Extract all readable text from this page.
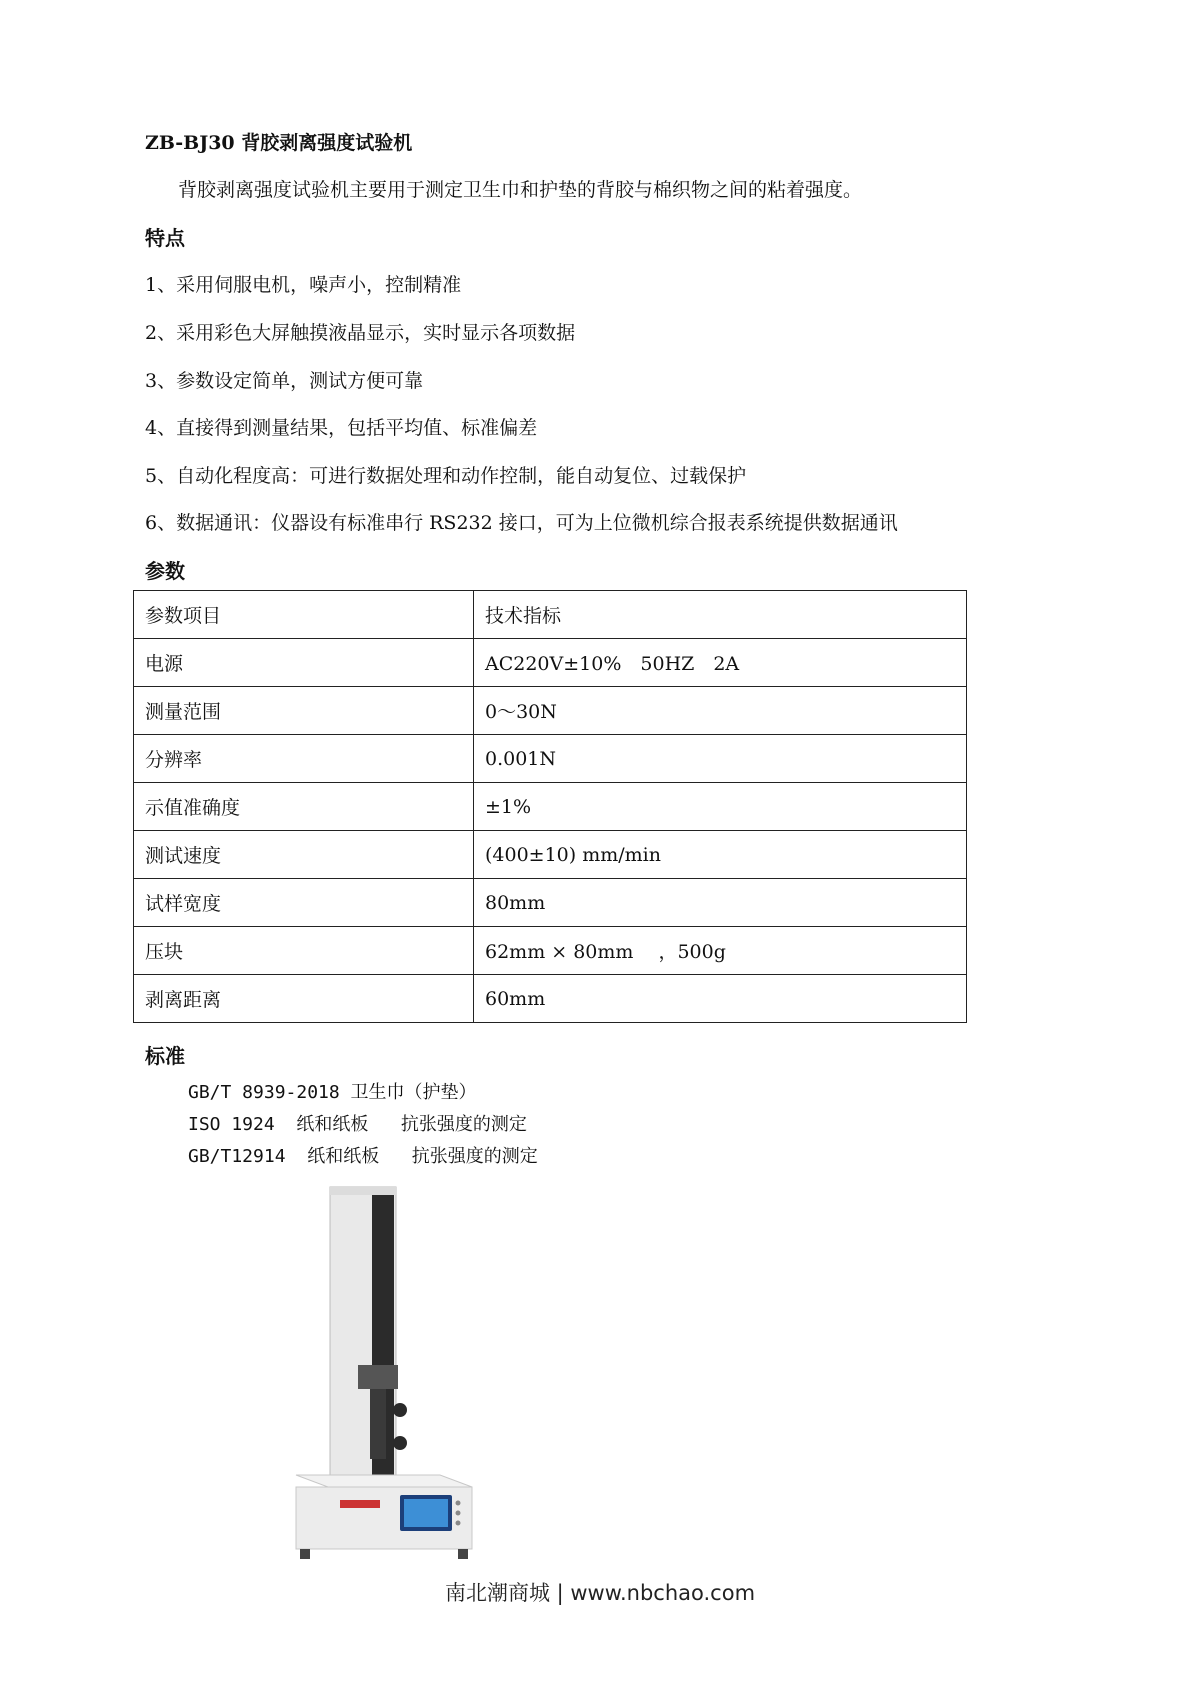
ZB-BJ30 背胶剥离强度试验机
背胶剥离强度试验机主要用于测定卫生巾和护垫的背胶与棉织物之间的粘着强度。
特点
1、采用伺服电机，噪声小，控制精准
2、采用彩色大屏触摸液晶显示，实时显示各项数据
3、参数设定简单，测试方便可靠
4、直接得到测量结果，包括平均值、标准偏差
5、自动化程度高：可进行数据处理和动作控制，能自动复位、过载保护
6、数据通讯：仪器设有标准串行 RS232 接口，可为上位微机综合报表系统提供数据通讯
参数
参数项目	技术指标
电源	AC220V±10%　50HZ　2A
测量范围	0～30N
分辨率	0.001N
示值准确度	±1%
测试速度	(400±10) mm/min
试样宽度	80mm
压块	62mm × 80mm　 ，500g
剥离距离	60mm
标准
GB/T 8939-2018 卫生巾（护垫）
ISO 1924  纸和纸板   抗张强度的测定
GB/T12914  纸和纸板   抗张强度的测定
南北潮商城 | www.nbchao.com
